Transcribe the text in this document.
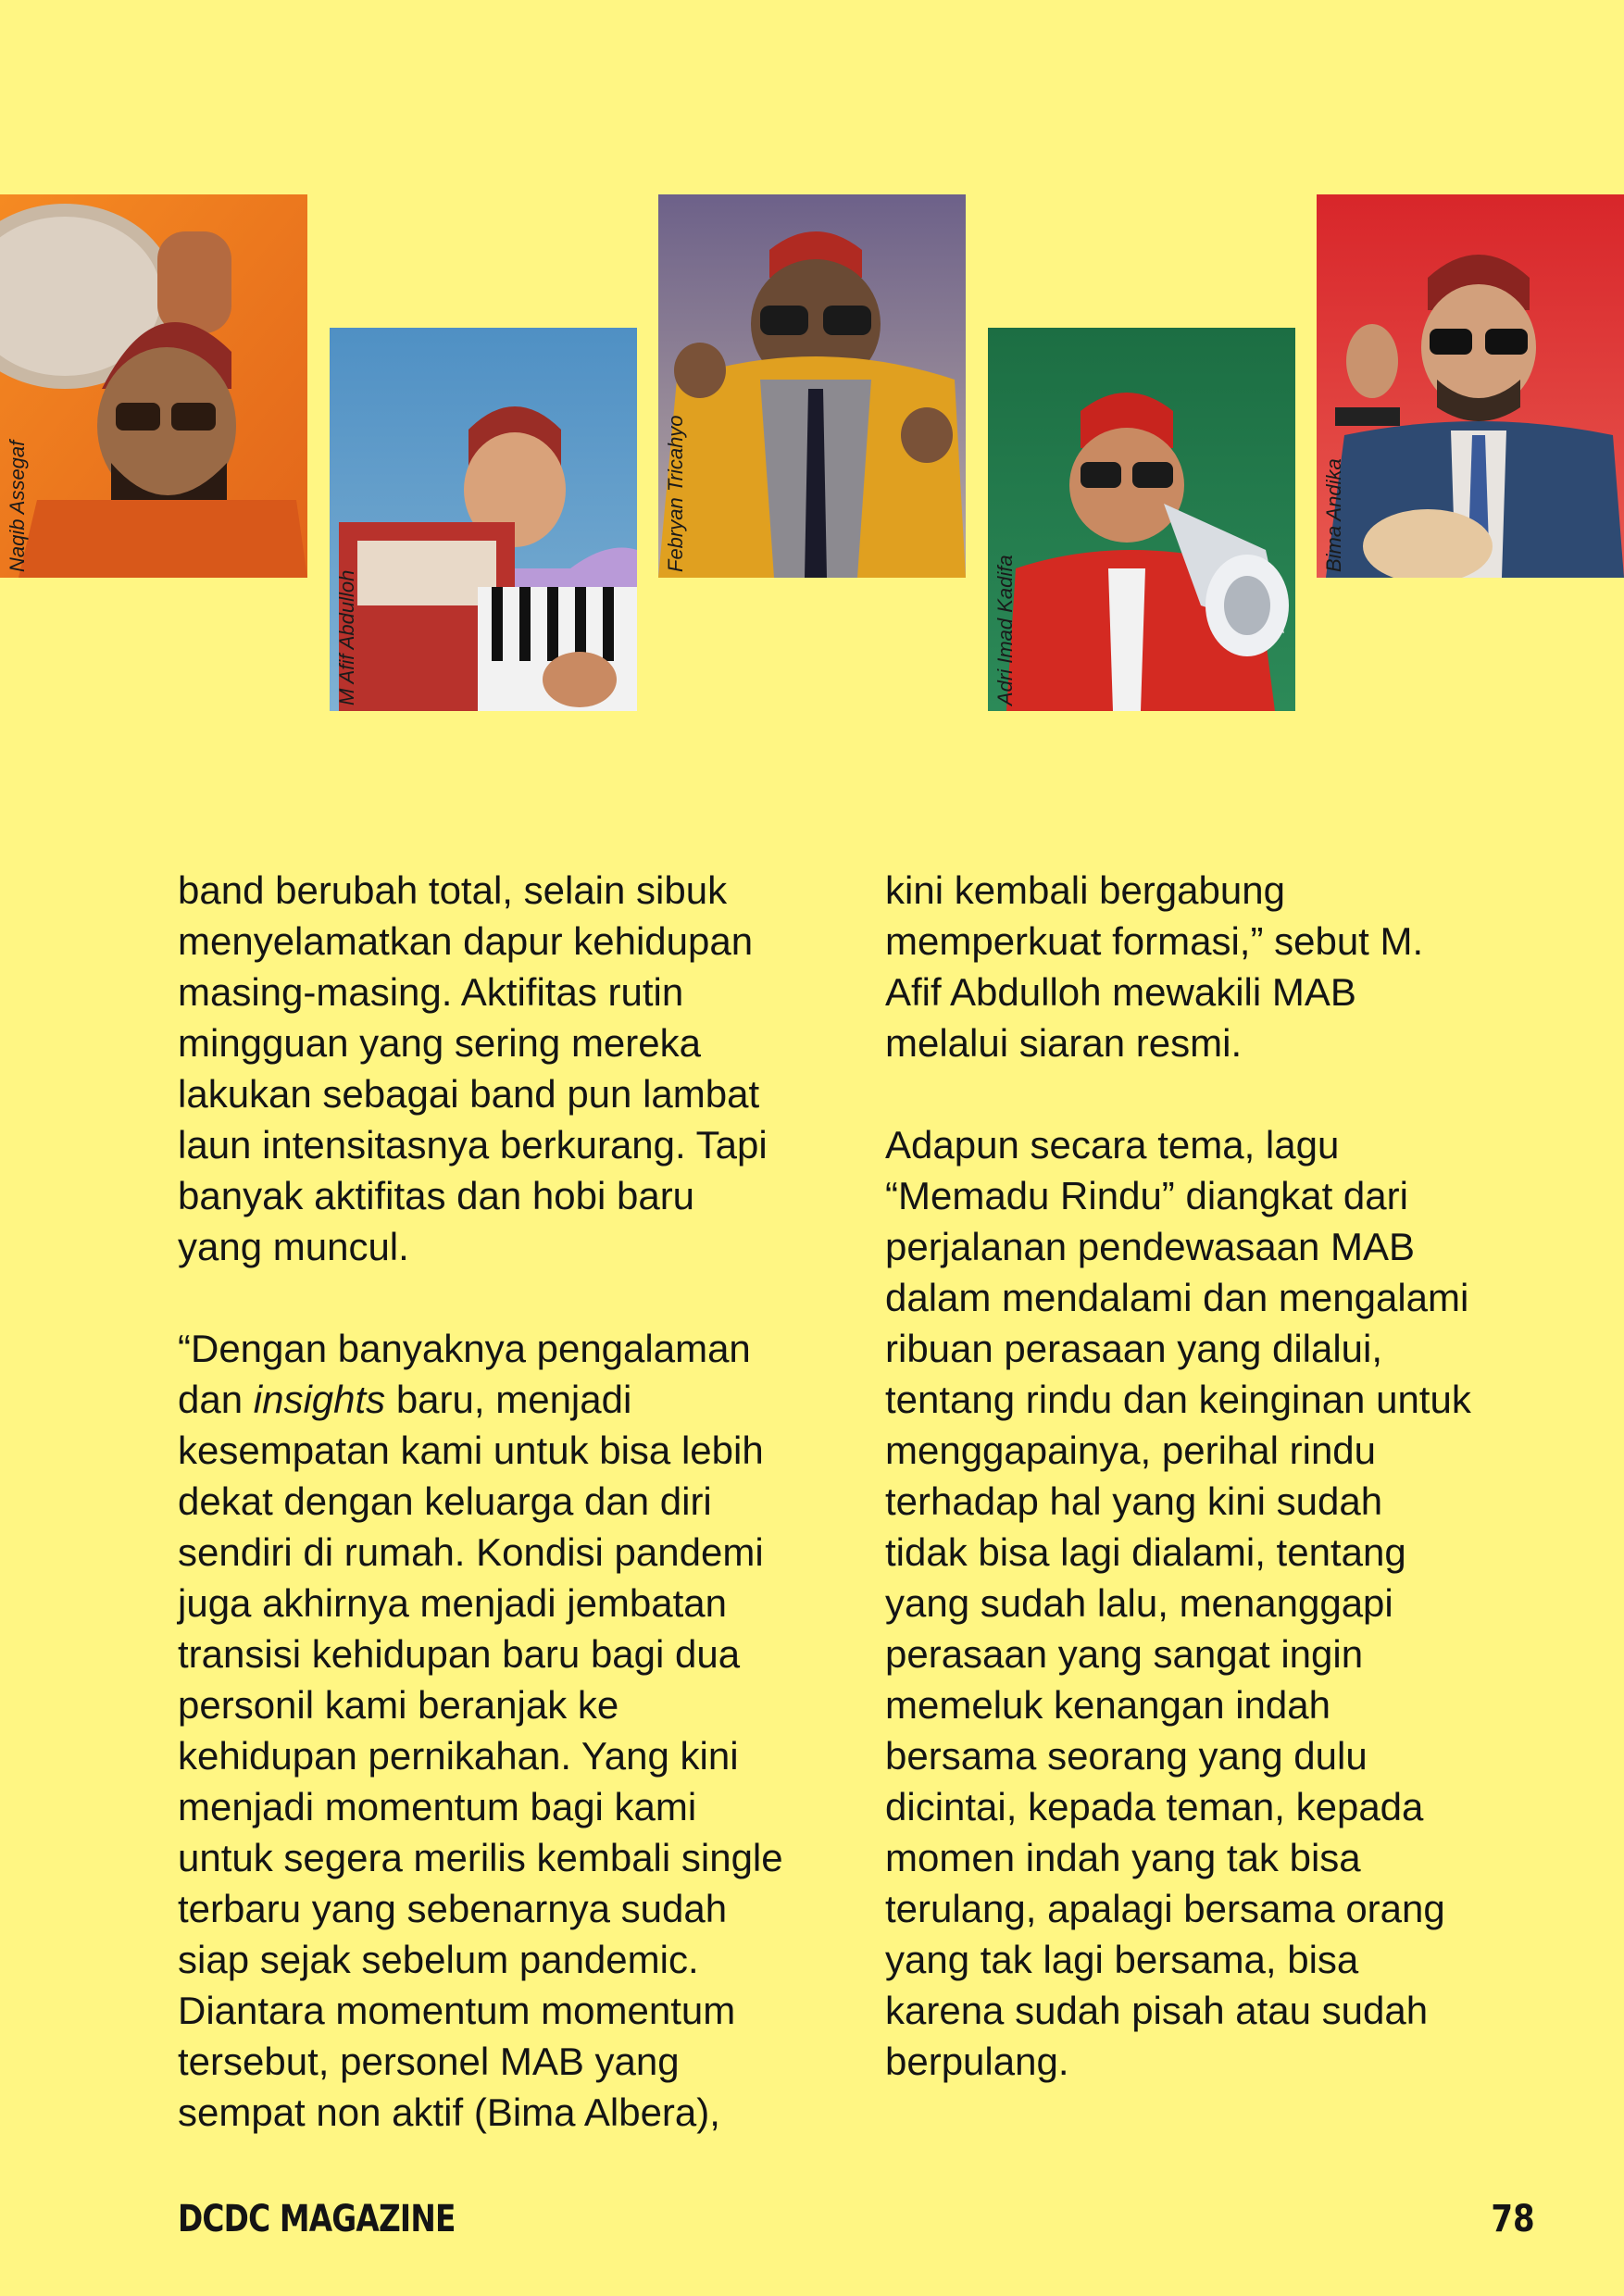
Naqib Assegaf
M Afif Abdulloh
Febryan Tricahyo
Adri Imad Kadifa
Bima Andika

band berubah total, selain sibuk
menyelamatkan dapur kehidupan
masing-masing. Aktifitas rutin
mingguan yang sering mereka
lakukan sebagai band pun lambat
laun intensitasnya berkurang. Tapi
banyak aktifitas dan hobi baru
yang muncul.

“Dengan banyaknya pengalaman
dan insights baru, menjadi
kesempatan kami untuk bisa lebih
dekat dengan keluarga dan diri
sendiri di rumah. Kondisi pandemi
juga akhirnya menjadi jembatan
transisi kehidupan baru bagi dua
personil kami beranjak ke
kehidupan pernikahan. Yang kini
menjadi momentum bagi kami
untuk segera merilis kembali single
terbaru yang sebenarnya sudah
siap sejak sebelum pandemic.
Diantara momentum momentum
tersebut, personel MAB yang
sempat non aktif (Bima Albera),

kini kembali bergabung
memperkuat formasi,” sebut M.
Afif Abdulloh mewakili MAB
melalui siaran resmi.

Adapun secara tema, lagu
“Memadu Rindu” diangkat dari
perjalanan pendewasaan MAB
dalam mendalami dan mengalami
ribuan perasaan yang dilalui,
tentang rindu dan keinginan untuk
menggapainya, perihal rindu
terhadap hal yang kini sudah
tidak bisa lagi dialami, tentang
yang sudah lalu, menanggapi
perasaan yang sangat ingin
memeluk kenangan indah
bersama seorang yang dulu
dicintai, kepada teman, kepada
momen indah yang tak bisa
terulang, apalagi bersama orang
yang tak lagi bersama, bisa
karena sudah pisah atau sudah
berpulang.

DCDC MAGAZINE	78
